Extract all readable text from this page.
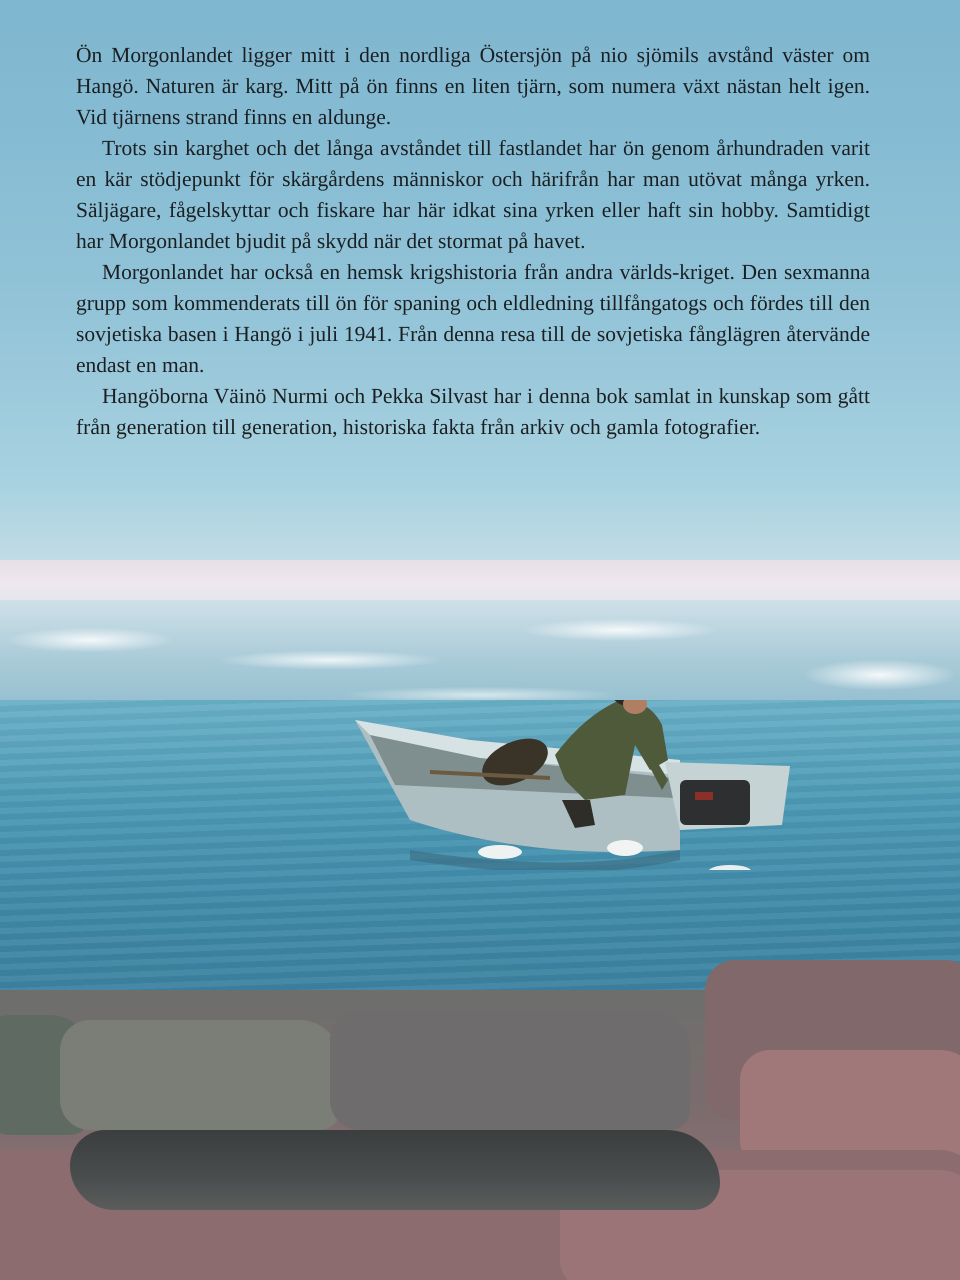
Ön Morgonlandet ligger mitt i den nordliga Östersjön på nio sjömils avstånd väster om Hangö. Naturen är karg. Mitt på ön finns en liten tjärn, som numera växt nästan helt igen. Vid tjärnens strand finns en aldunge.

Trots sin karghet och det långa avståndet till fastlandet har ön genom århundraden varit en kär stödjepunkt för skärgårdens människor och härifrån har man utövat många yrken. Säljägare, fågelskyttar och fiskare har här idkat sina yrken eller haft sin hobby. Samtidigt har Morgonlandet bjudit på skydd när det stormat på havet.

Morgonlandet har också en hemsk krigshistoria från andra världs-kriget. Den sexmanna grupp som kommenderats till ön för spaning och eldledning tillfångatogs och fördes till den sovjetiska basen i Hangö i juli 1941. Från denna resa till de sovjetiska fånglägren återvände endast en man.

Hangöborna Väinö Nurmi och Pekka Silvast har i denna bok samlat in kunskap som gått från generation till generation, historiska fakta från arkiv och gamla fotografier.
